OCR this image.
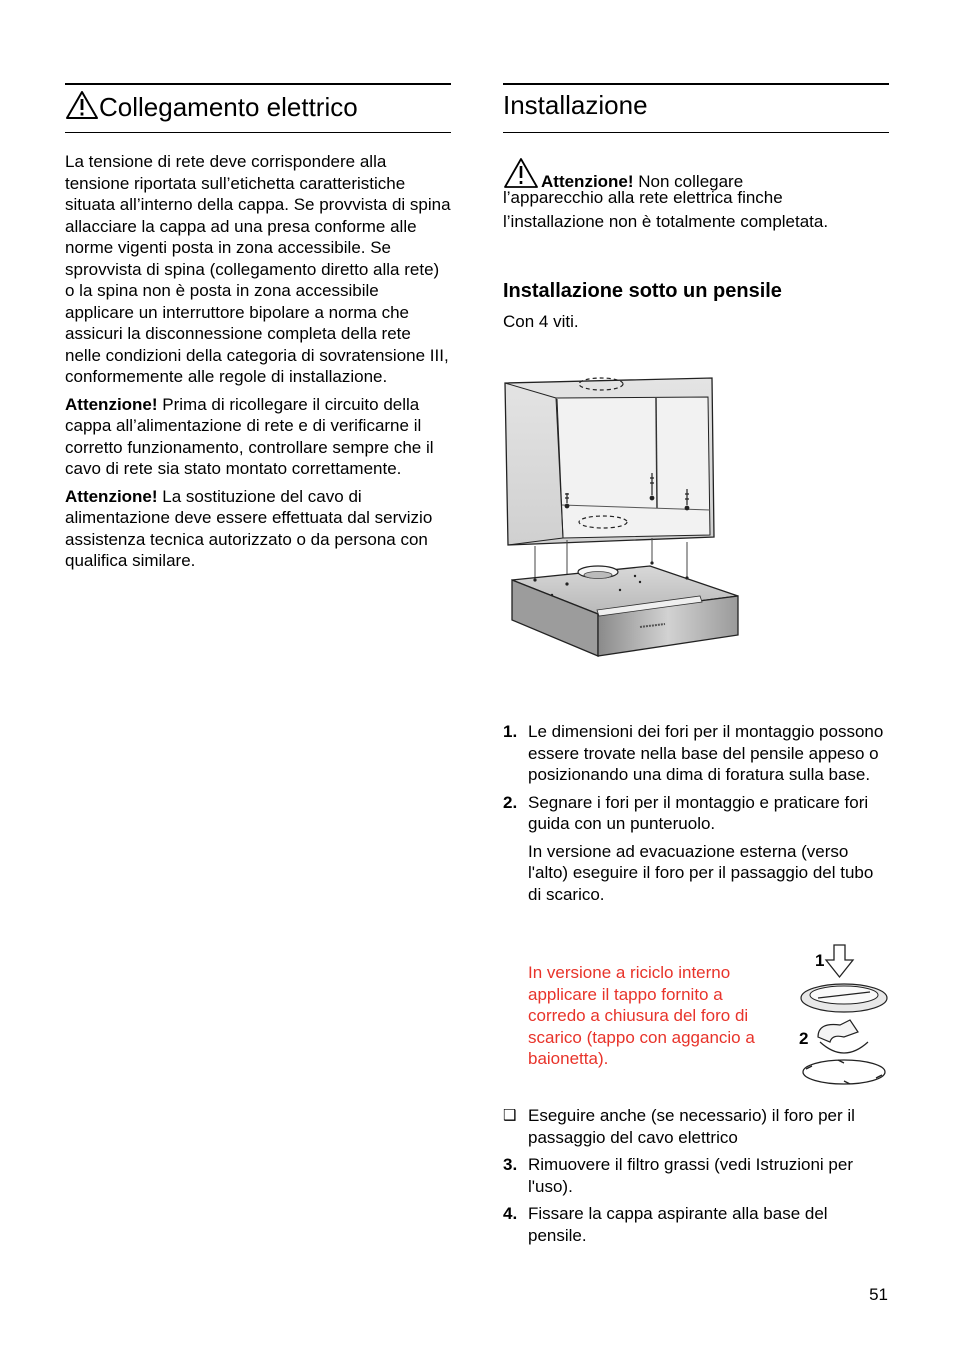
Collegamento elettrico

La tensione di rete deve corrispondere alla tensione riportata sull’etichetta caratteristiche situata all’interno della cappa. Se provvista di spina allacciare la cappa ad una presa conforme alle norme vigenti posta in zona accessibile. Se sprovvista di spina (collegamento diretto alla rete) o la spina non è posta in zona accessibile applicare un interruttore bipolare a norma che assicuri la disconnessione completa della rete nelle condizioni della categoria di sovratensione III, conformemente alle regole di installazione.

Attenzione! Prima di ricollegare il circuito della cappa all’alimentazione di rete e di verificarne il corretto funzionamento, controllare sempre che il cavo di rete sia stato montato correttamente.

Attenzione! La sostituzione del cavo di alimentazione deve essere effettuata dal servizio assistenza tecnica autorizzato o da persona con qualifica similare.

Installazione
Attenzione! Non collegare
l’apparecchio alla rete elettrica finche
l’installazione non è totalmente completata.
Installazione sotto un pensile
Con 4 viti.
1. Le dimensioni dei fori per il montaggio possono essere trovate nella base del pensile appeso o posizionando una dima di foratura sulla base.
2. Segnare i fori per il montaggio e praticare fori guida con un punteruolo.
In versione ad evacuazione esterna (verso l'alto) eseguire il foro per il passaggio del tubo di scarico.
In versione a riciclo interno applicare il tappo fornito a corredo a chiusura del foro di scarico (tappo con aggancio a baionetta).
1
2
❑ Eseguire anche (se necessario) il foro per il passaggio del cavo elettrico
3. Rimuovere il filtro grassi (vedi Istruzioni per l'uso).
4. Fissare la cappa aspirante alla base del pensile.
51
